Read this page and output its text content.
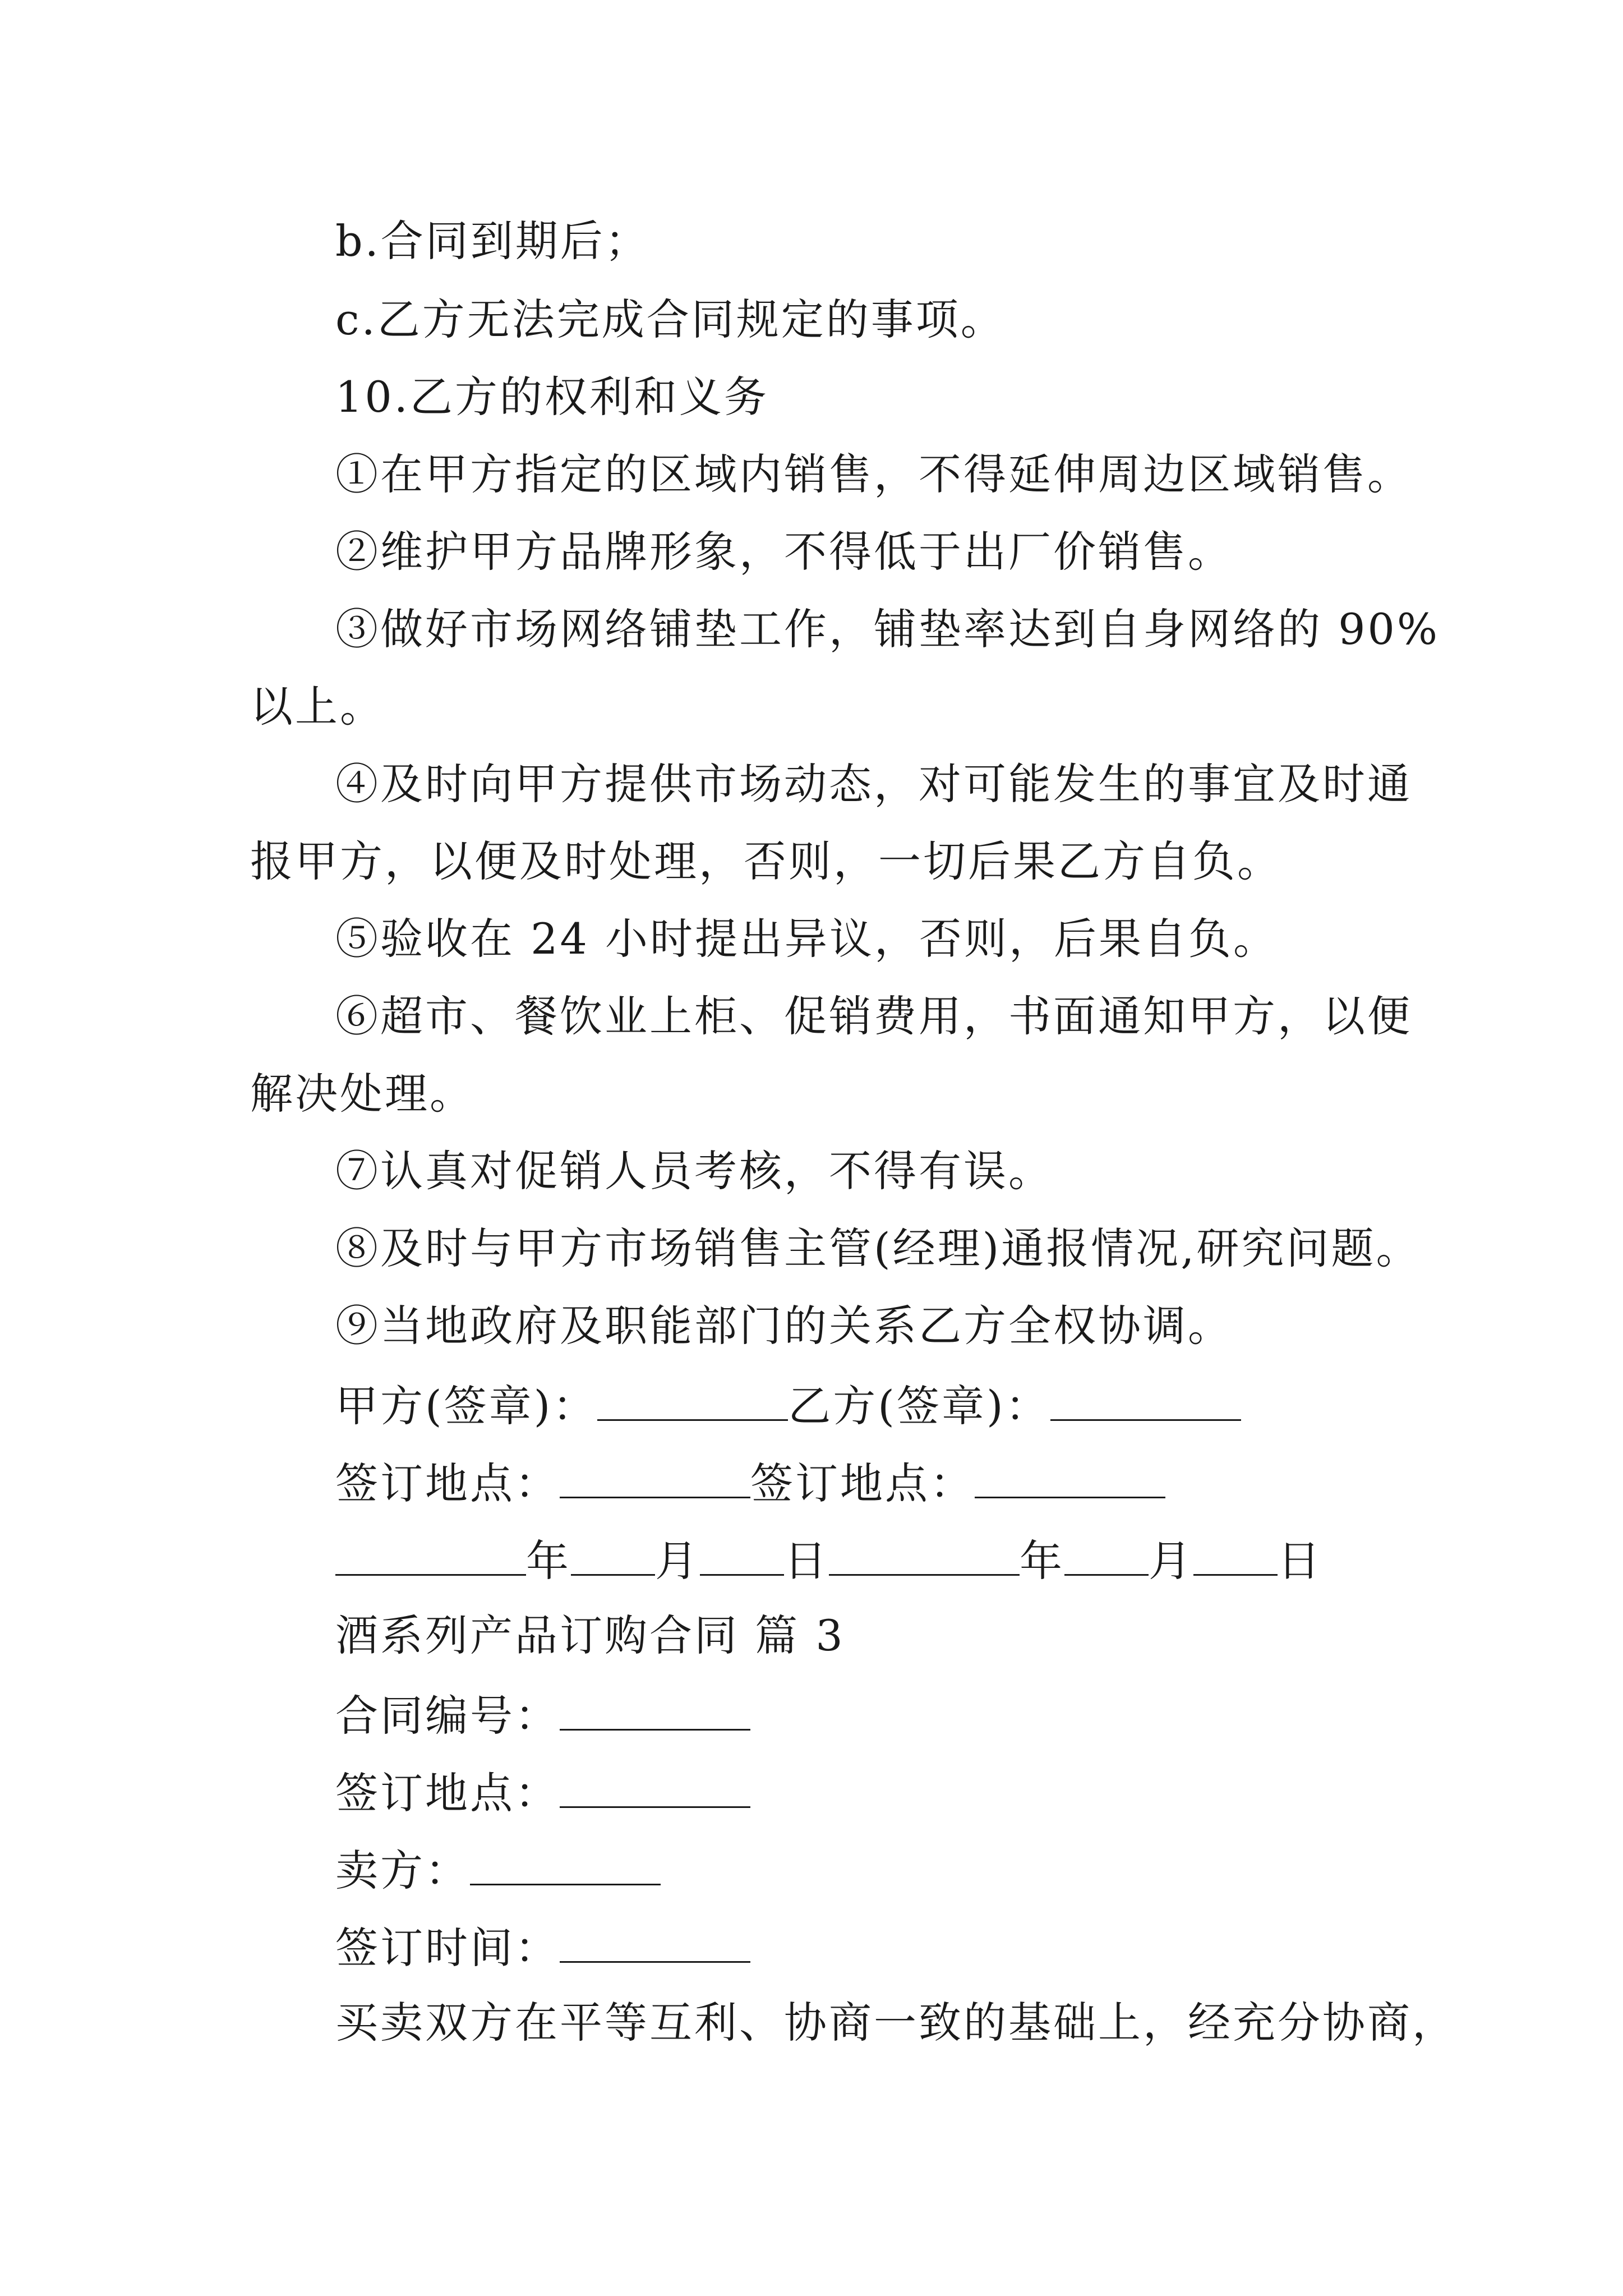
b.合同到期后；
c.乙方无法完成合同规定的事项。
10.乙方的权利和义务
①在甲方指定的区域内销售，不得延伸周边区域销售。
②维护甲方品牌形象，不得低于出厂价销售。
③做好市场网络铺垫工作，铺垫率达到自身网络的 90%
以上。
④及时向甲方提供市场动态，对可能发生的事宜及时通
报甲方，以便及时处理，否则，一切后果乙方自负。
⑤验收在 24 小时提出异议，否则，后果自负。
⑥超市、餐饮业上柜、促销费用，书面通知甲方，以便
解决处理。
⑦认真对促销人员考核，不得有误。
⑧及时与甲方市场销售主管(经理)通报情况,研究问题。
⑨当地政府及职能部门的关系乙方全权协调。
甲方(签章)：	乙方(签章)：
签订地点：	签订地点：
年 月 日	年 月 日
酒系列产品订购合同 篇 3
合同编号：
签订地点：
卖方：
签订时间：
买卖双方在平等互利、协商一致的基础上，经充分协商，
